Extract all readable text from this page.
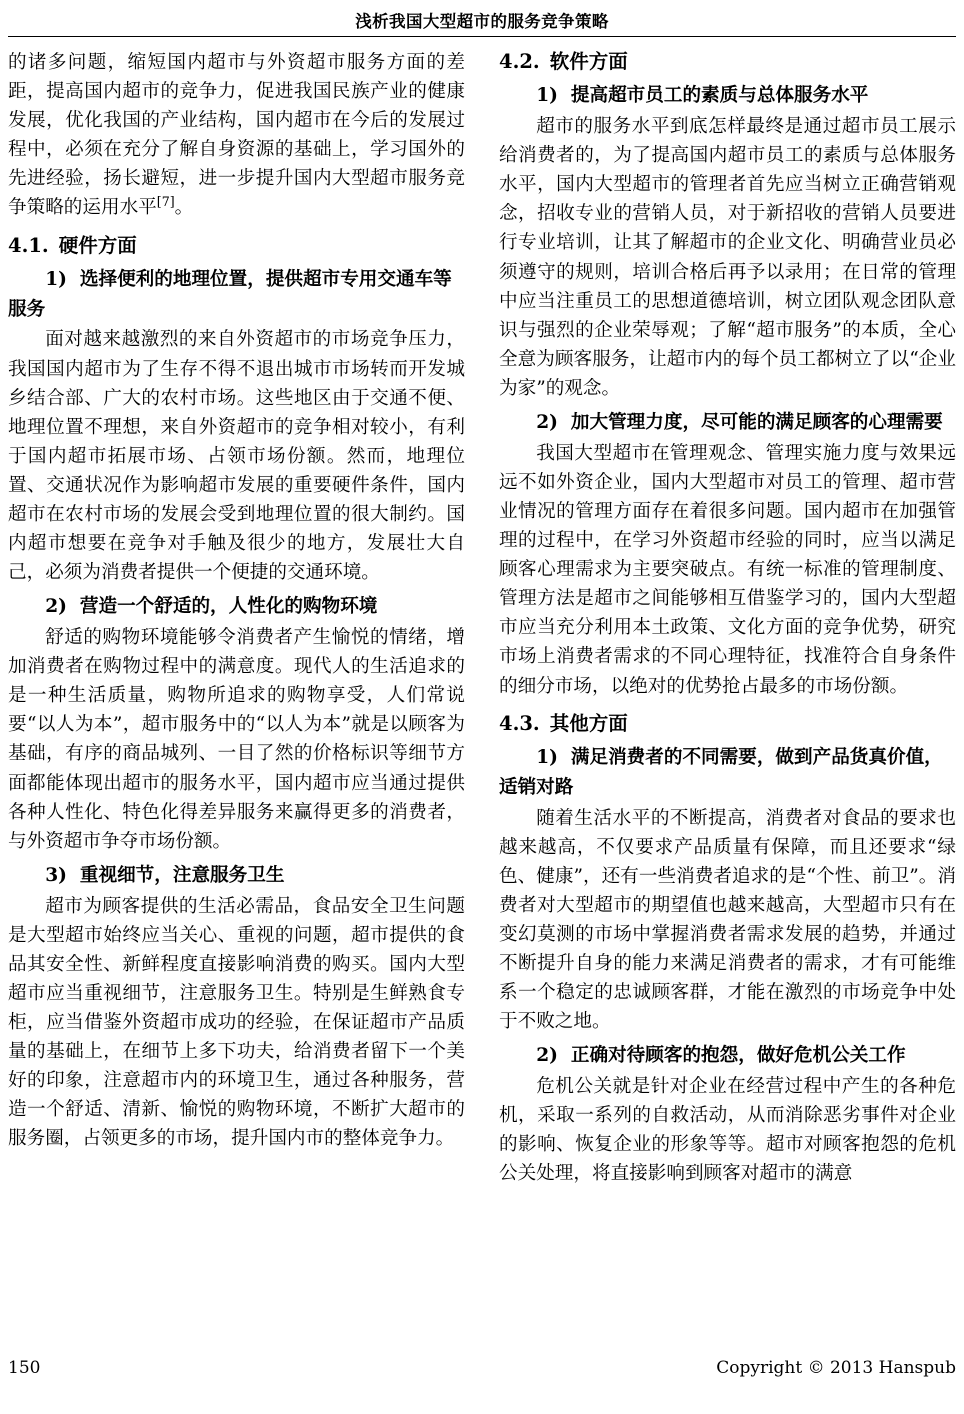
浅析我国大型超市的服务竞争策略

的诸多问题，缩短国内超市与外资超市服务方面的差距，提高国内超市的竞争力，促进我国民族产业的健康发展，优化我国的产业结构，国内超市在今后的发展过程中，必须在充分了解自身资源的基础上，学习国外的先进经验，扬长避短，进一步提升国内大型超市服务竞争策略的运用水平[7]。

4.1. 硬件方面

1) 选择便利的地理位置，提供超市专用交通车等

服务

面对越来越激烈的来自外资超市的市场竞争压力，我国国内超市为了生存不得不退出城市市场转而开发城乡结合部、广大的农村市场。这些地区由于交通不便、地理位置不理想，来自外资超市的竞争相对较小，有利于国内超市拓展市场、占领市场份额。然而，地理位置、交通状况作为影响超市发展的重要硬件条件，国内超市在农村市场的发展会受到地理位置的很大制约。国内超市想要在竞争对手触及很少的地方，发展壮大自己，必须为消费者提供一个便捷的交通环境。

2) 营造一个舒适的，人性化的购物环境

舒适的购物环境能够令消费者产生愉悦的情绪，增加消费者在购物过程中的满意度。现代人的生活追求的是一种生活质量，购物所追求的购物享受，人们常说要“以人为本”，超市服务中的“以人为本”就是以顾客为基础，有序的商品城列、一目了然的价格标识等细节方面都能体现出超市的服务水平，国内超市应当通过提供各种人性化、特色化得差异服务来赢得更多的消费者，与外资超市争夺市场份额。

3) 重视细节，注意服务卫生

超市为顾客提供的生活必需品，食品安全卫生问题是大型超市始终应当关心、重视的问题，超市提供的食品其安全性、新鲜程度直接影响消费的购买。国内大型超市应当重视细节，注意服务卫生。特别是生鲜熟食专柜，应当借鉴外资超市成功的经验，在保证超市产品质量的基础上，在细节上多下功夫，给消费者留下一个美好的印象，注意超市内的环境卫生，通过各种服务，营造一个舒适、清新、愉悦的购物环境，不断扩大超市的服务圈，占领更多的市场，提升国内市的整体竞争力。

4.2. 软件方面

1) 提高超市员工的素质与总体服务水平

超市的服务水平到底怎样最终是通过超市员工展示给消费者的，为了提高国内超市员工的素质与总体服务水平，国内大型超市的管理者首先应当树立正确营销观念，招收专业的营销人员，对于新招收的营销人员要进行专业培训，让其了解超市的企业文化、明确营业员必须遵守的规则，培训合格后再予以录用；在日常的管理中应当注重员工的思想道德培训，树立团队观念团队意识与强烈的企业荣辱观；了解“超市服务”的本质，全心全意为顾客服务，让超市内的每个员工都树立了以“企业为家”的观念。

2) 加大管理力度，尽可能的满足顾客的心理需要

我国大型超市在管理观念、管理实施力度与效果远远不如外资企业，国内大型超市对员工的管理、超市营业情况的管理方面存在着很多问题。国内超市在加强管理的过程中，在学习外资超市经验的同时，应当以满足顾客心理需求为主要突破点。有统一标准的管理制度、管理方法是超市之间能够相互借鉴学习的，国内大型超市应当充分利用本土政策、文化方面的竞争优势，研究市场上消费者需求的不同心理特征，找准符合自身条件的细分市场，以绝对的优势抢占最多的市场份额。

4.3. 其他方面

1) 满足消费者的不同需要，做到产品货真价值，

适销对路

随着生活水平的不断提高，消费者对食品的要求也越来越高，不仅要求产品质量有保障，而且还要求“绿色、健康”，还有一些消费者追求的是“个性、前卫”。消费者对大型超市的期望值也越来越高，大型超市只有在变幻莫测的市场中掌握消费者需求发展的趋势，并通过不断提升自身的能力来满足消费者的需求，才有可能维系一个稳定的忠诚顾客群，才能在激烈的市场竞争中处于不败之地。

2) 正确对待顾客的抱怨，做好危机公关工作

危机公关就是针对企业在经营过程中产生的各种危机，采取一系列的自救活动，从而消除恶劣事件对企业的影响、恢复企业的形象等等。超市对顾客抱怨的危机公关处理，将直接影响到顾客对超市的满意

150	Copyright © 2013 Hanspub
